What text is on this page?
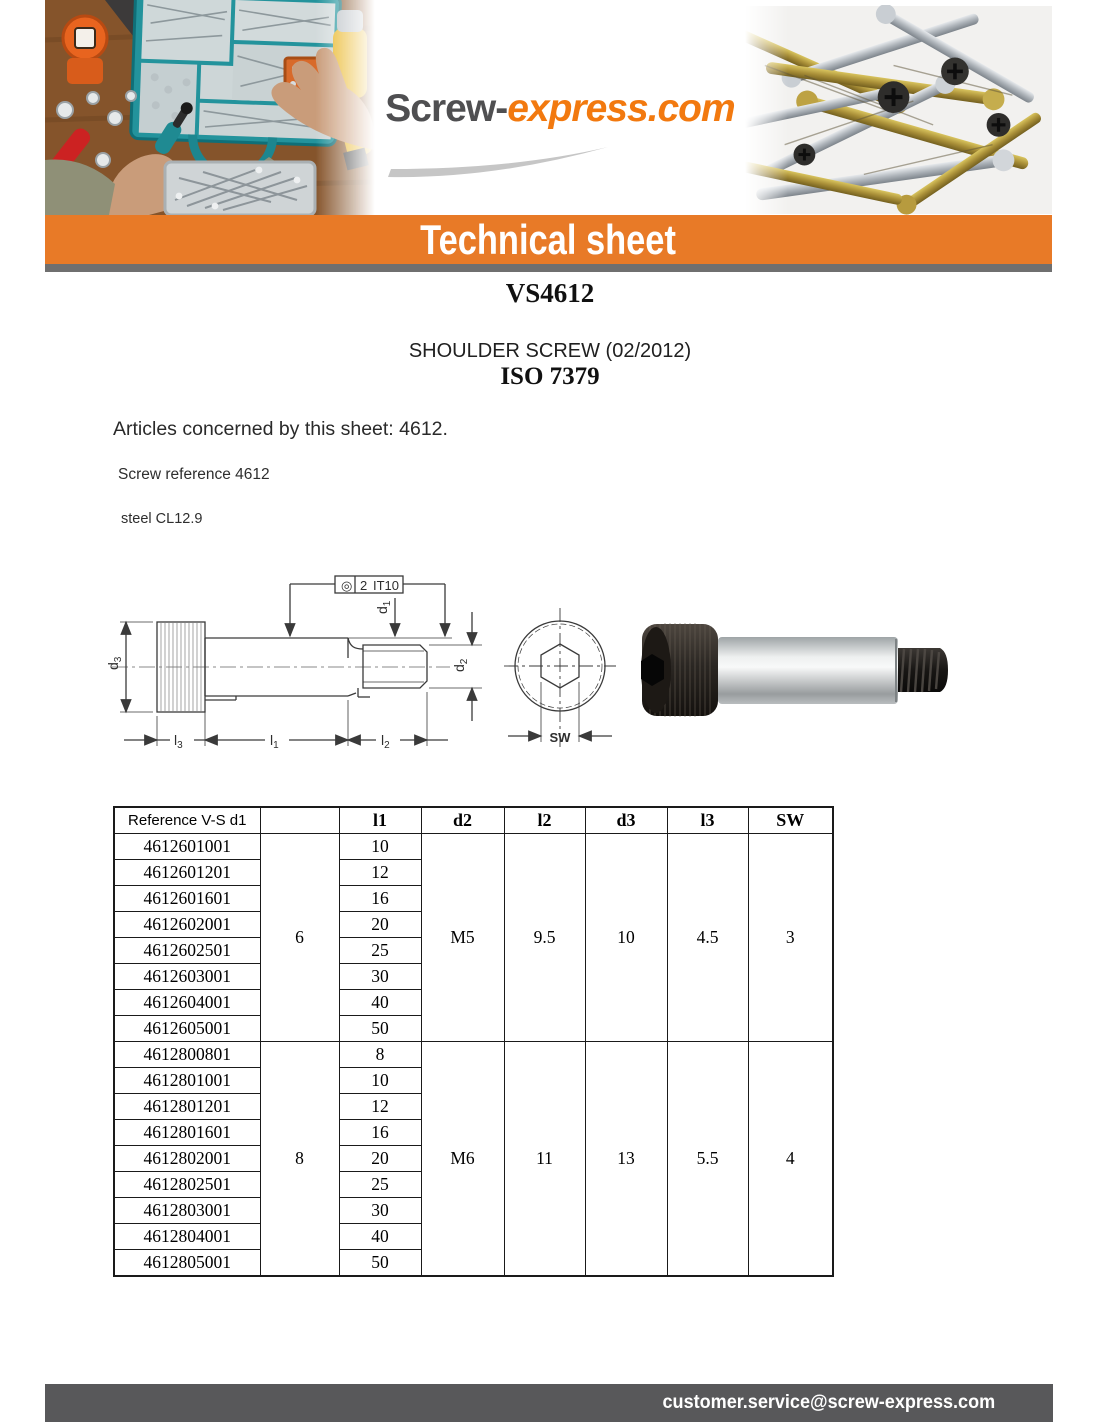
Screw-express.com
Technical sheet
VS4612
SHOULDER SCREW (02/2012)
ISO 7379
Articles concerned by this sheet: 4612.
Screw reference 4612
steel CL12.9
$l_3$	$l_1$	$l_2$
$d_3$
$d_1$
$d_2$
◎ 2 IT10
SW
Reference V-S d1		l1	d2	l2	d3	l3	SW
4612601001	6	10	M5	9.5	10	4.5	3
4612601201		12					
4612601601		16					
4612602001		20					
4612602501		25					
4612603001		30					
4612604001		40					
4612605001		50					
4612800801	8	8	M6	11	13	5.5	4
4612801001		10					
4612801201		12					
4612801601		16					
4612802001		20					
4612802501		25					
4612803001		30					
4612804001		40					
4612805001		50					
customer.service@screw-express.com
